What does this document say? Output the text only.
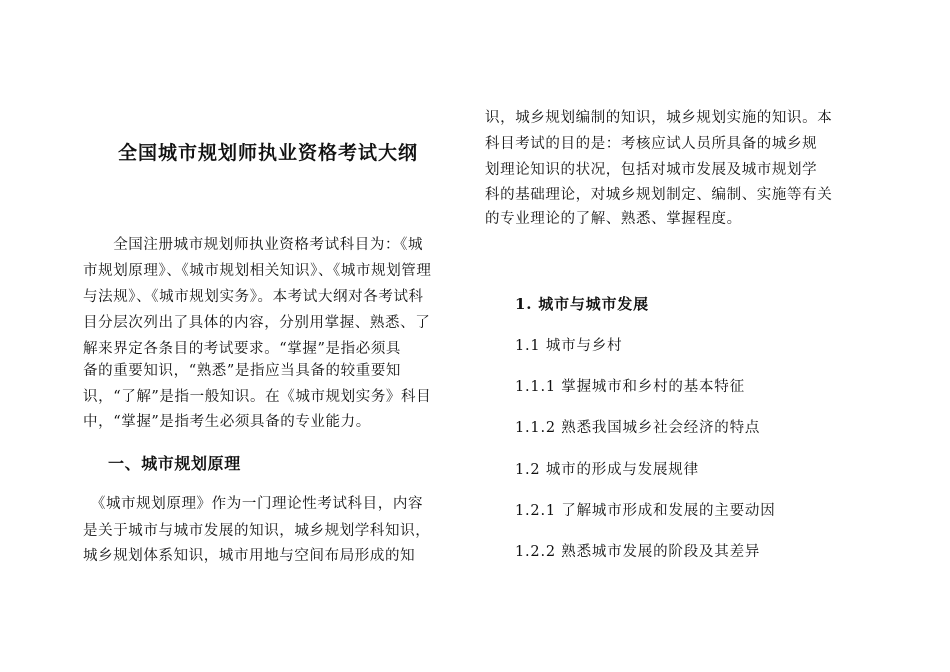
全国城市规划师执业资格考试大纲
　　全国注册城市规划师执业资格考试科目为：《城
市规划原理》、《城市规划相关知识》、《城市规划管理
与法规》、《城市规划实务》。本考试大纲对各考试科
目分层次列出了具体的内容，分别用掌握、熟悉、了
解来界定各条目的考试要求。“掌握”是指必须具
备的重要知识，“熟悉”是指应当具备的较重要知
识，“了解”是指一般知识。在《城市规划实务》科目
中，“掌握”是指考生必须具备的专业能力。
一、城市规划原理
　《城市规划原理》作为一门理论性考试科目，内容
是关于城市与城市发展的知识，城乡规划学科知识，
城乡规划体系知识，城市用地与空间布局形成的知
识，城乡规划编制的知识，城乡规划实施的知识。本
科目考试的目的是：考核应试人员所具备的城乡规
划理论知识的状况，包括对城市发展及城市规划学
科的基础理论，对城乡规划制定、编制、实施等有关
的专业理论的了解、熟悉、掌握程度。
1. 城市与城市发展
1.1 城市与乡村
1.1.1 掌握城市和乡村的基本特征
1.1.2 熟悉我国城乡社会经济的特点
1.2 城市的形成与发展规律
1.2.1 了解城市形成和发展的主要动因
1.2.2 熟悉城市发展的阶段及其差异
